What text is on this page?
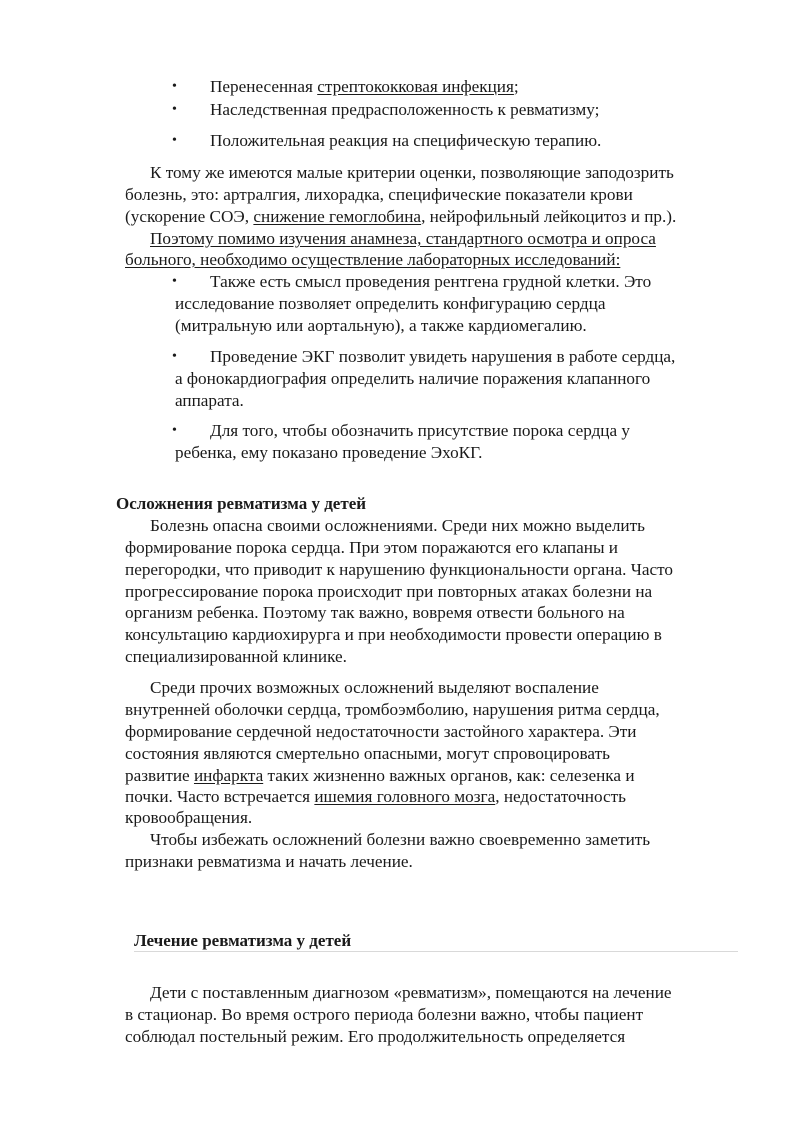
• Перенесенная стрептококковая инфекция;
• Наследственная предрасположенность к ревматизму;
• Положительная реакция на специфическую терапию.
К тому же имеются малые критерии оценки, позволяющие заподозрить
болезнь, это: артралгия, лихорадка, специфические показатели крови
(ускорение СОЭ, снижение гемоглобина, нейрофильный лейкоцитоз и пр.).
Поэтому помимо изучения анамнеза, стандартного осмотра и опроса
больного, необходимо осуществление лабораторных исследований:
• Также есть смысл проведения рентгена грудной клетки. Это
исследование позволяет определить конфигурацию сердца
(митральную или аортальную), а также кардиомегалию.
• Проведение ЭКГ позволит увидеть нарушения в работе сердца,
а фонокардиография определить наличие поражения клапанного
аппарата.
• Для того, чтобы обозначить присутствие порока сердца у
ребенка, ему показано проведение ЭхоКГ.
Осложнения ревматизма у детей
Болезнь опасна своими осложнениями. Среди них можно выделить
формирование порока сердца. При этом поражаются его клапаны и
перегородки, что приводит к нарушению функциональности органа. Часто
прогрессирование порока происходит при повторных атаках болезни на
организм ребенка. Поэтому так важно, вовремя отвести больного на
консультацию кардиохирурга и при необходимости провести операцию в
специализированной клинике.
Среди прочих возможных осложнений выделяют воспаление
внутренней оболочки сердца, тромбоэмболию, нарушения ритма сердца,
формирование сердечной недостаточности застойного характера. Эти
состояния являются смертельно опасными, могут спровоцировать
развитие инфаркта таких жизненно важных органов, как: селезенка и
почки. Часто встречается ишемия головного мозга, недостаточность
кровообращения.
Чтобы избежать осложнений болезни важно своевременно заметить
признаки ревматизма и начать лечение.
Лечение ревматизма у детей
Дети с поставленным диагнозом «ревматизм», помещаются на лечение
в стационар. Во время острого периода болезни важно, чтобы пациент
соблюдал постельный режим. Его продолжительность определяется
